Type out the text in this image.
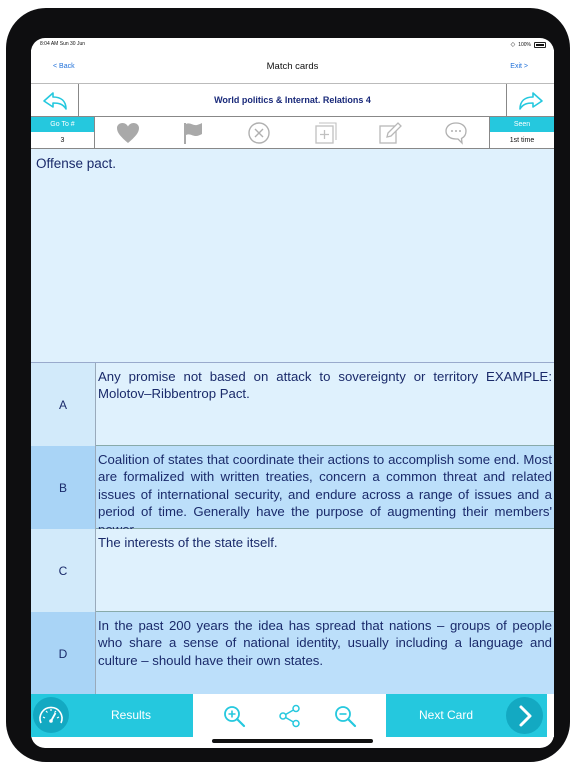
8:04 AM Sun 30 Jun	◇ 100%
< Back	Match cards	Exit >
World politics & Internat. Relations 4
Go To #
3
Seen
1st time
Offense pact.
A
Any promise not based on attack to sovereignty or territory EXAMPLE: Molotov–Ribbentrop Pact.
B
Coalition of states that coordinate their actions to accomplish some end. Most are formalized with written treaties, concern a common threat and related issues of international security, and endure across a range of issues and a period of time. Generally have the purpose of augmenting their members'
C
The interests of the state itself.
D
In the past 200 years the idea has spread that nations – groups of people who share a sense of national identity, usually including a language and culture – should have their own states.
Results	Next Card
